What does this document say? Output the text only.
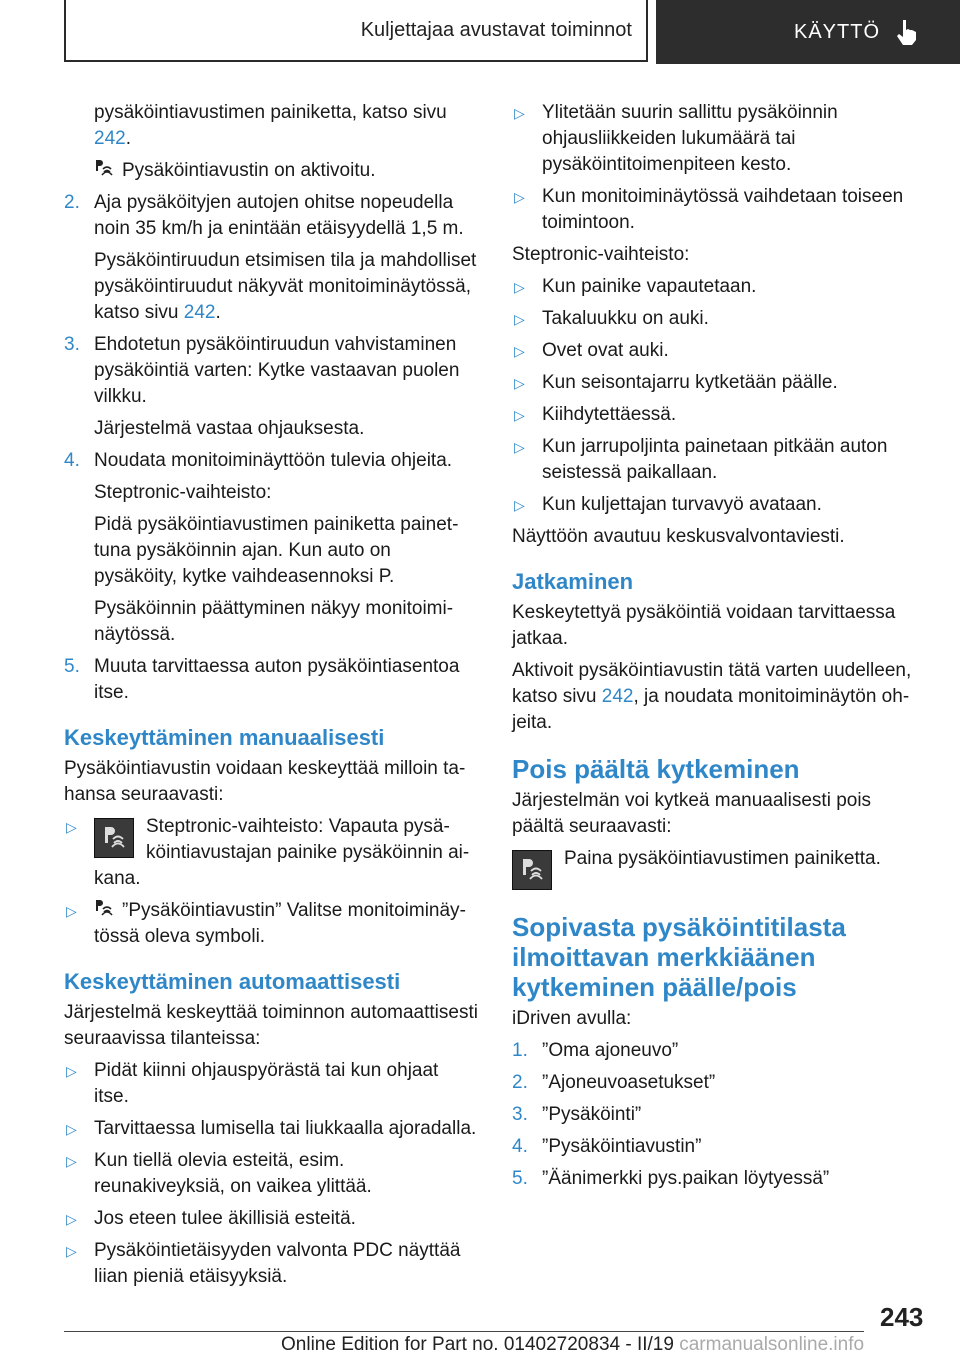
Kuljettajaa avustavat toiminnot	KÄYTTÖ

pysäköintiavustimen painiketta, katso sivu 242.

Pysäköintiavustin on aktivoitu.

2. Aja pysäköityjen autojen ohitse nopeudella noin 35 km/h ja enintään etäisyydellä 1,5 m.

Pysäköintiruudun etsimisen tila ja mahdolliset pysäköintiruudut näkyvät monitoiminäytössä, katso sivu 242.

3. Ehdotetun pysäköintiruudun vahvistaminen pysäköintiä varten: Kytke vastaavan puolen vilkku.

Järjestelmä vastaa ohjauksesta.

4. Noudata monitoiminäyttöön tulevia ohjeita.

Steptronic-vaihteisto:

Pidä pysäköintiavustimen painiketta painettuna pysäköinnin ajan. Kun auto on pysäköity, kytke vaihdeasennoksi P.

Pysäköinnin päättyminen näkyy monitoiminäytössä.

5. Muuta tarvittaessa auton pysäköintiasentoa itse.

Keskeyttäminen manuaalisesti

Pysäköintiavustin voidaan keskeyttää milloin tahansa seuraavasti:

▷	Steptronic-vaihteisto: Vapauta pysäköintiavustajan painike pysäköinnin aikana.
▷ ”Pysäköintiavustin” Valitse monitoiminäytössä oleva symboli.
Keskeyttäminen automaattisesti

Järjestelmä keskeyttää toiminnon automaattisesti seuraavissa tilanteissa:

▷ Pidät kiinni ohjauspyörästä tai kun ohjaat itse.
▷ Tarvittaessa lumisella tai liukkaalla ajoradalla.
▷ Kun tiellä olevia esteitä, esim. reunakiveyksiä, on vaikea ylittää.
▷ Jos eteen tulee äkillisiä esteitä.
▷ Pysäköintietäisyyden valvonta PDC näyttää liian pieniä etäisyyksiä.
▷ Ylitetään suurin sallittu pysäköinnin ohjausliikkeiden lukumäärä tai pysäköintitoimenpiteen kesto.
▷ Kun monitoiminäytössä vaihdetaan toiseen toimintoon.

Steptronic-vaihteisto:

▷ Kun painike vapautetaan.
▷ Takaluukku on auki.
▷ Ovet ovat auki.
▷ Kun seisontajarru kytketään päälle.
▷ Kiihdytettäessä.
▷ Kun jarrupoljinta painetaan pitkään auton seistessä paikallaan.
▷ Kun kuljettajan turvavyö avataan.

Näyttöön avautuu keskusvalvontaviesti.

Jatkaminen

Keskeytettyä pysäköintiä voidaan tarvittaessa jatkaa.

Aktivoit pysäköintiavustin tätä varten uudelleen, katso sivu 242, ja noudata monitoiminäytön ohjeita.

Pois päältä kytkeminen

Järjestelmän voi kytkeä manuaalisesti pois päältä seuraavasti:

Paina pysäköintiavustimen painiketta.
Sopivasta pysäköintitilasta ilmoittavan merkkiäänen kytkeminen päälle/pois

iDriven avulla:

1. ”Oma ajoneuvo”
2. ”Ajoneuvoasetukset”
3. ”Pysäköinti”
4. ”Pysäköintiavustin”
5. ”Äänimerkki pys.paikan löytyessä”
243
Online Edition for Part no. 01402720834 - II/19 carmanualsonline.info
